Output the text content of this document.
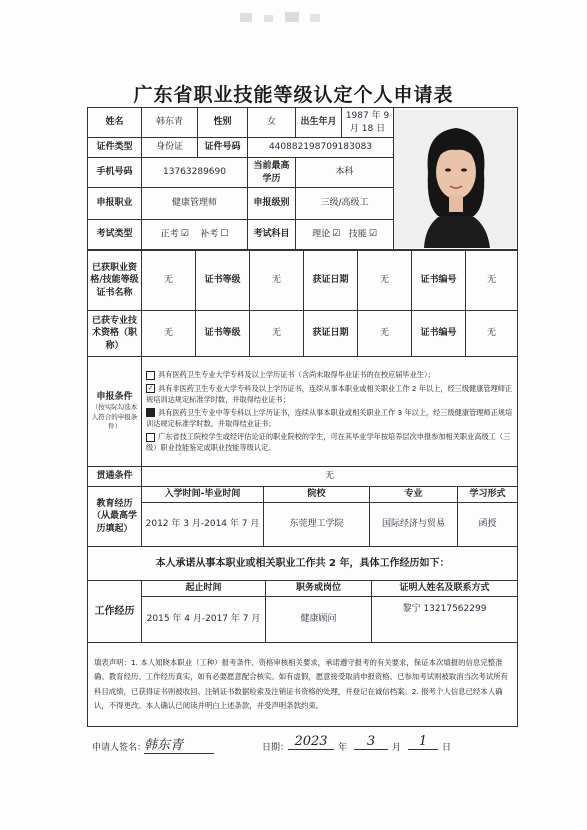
广东省职业技能等级认定个人申请表
姓名	韩东青	性别	女	出生年月	1987 年 9 月 18 日	

证件类型	身份证	证件号码	440882198709183083			
手机号码	13763289690		当前最高学历	本科		
申报职业	健康管理师		申报级别	三级/高级工		
考试类型	正考 ☑ 补考 ☐		考试科目	理论 ☑ 技能 ☑		
已获职业资格/技能等级证书名称	无	证书等级	无	获证日期	无	证书编号	无
已获专业技术资格（职称）	无	证书等级	无	获证日期	无	证书编号	无
申报条件
（按实际勾选本人符合的申报条件）

具有医药卫生专业大学专科及以上学历证书（含尚未取得毕业证书的在校应届毕业生）；
✓ 具有非医药卫生专业大学专科及以上学历证书，连续从事本职业或相关职业工作 2 年以上，经三级健康管理师正规培训达规定标准学时数，并取得结业证书；
具有医药卫生专业中等专科以上学历证书，连续从事本职业或相关职业工作 3 年以上，经三级健康管理师正规培训达规定标准学时数，并取得结业证书；
广东省技工院校学生或经评估论证的职业院校的学生，可在其毕业学年按培养层次申报参加相关职业高级工（三级）职业技能鉴定或职业技能等级认定。
贯通条件	无			
教育经历（从最高学历填起）	入学时间-毕业时间	院校	专业	学习形式
	2012 年 3 月-2014 年 7 月	东莞理工学院	国际经济与贸易	函授
本人承诺从事本职业或相关职业工作共 2 年，具体工作经历如下：			
工作经历	起止时间	职务或岗位	证明人姓名及联系方式
	2015 年 4 月-2017 年 7 月	健康顾问	黎宁 13217562299
填表声明：1. 本人知晓本职业（工种）报考条件、资格审核相关要求，承诺遵守报考的有关要求，保证本次填报的信息完整准确、教育经历、工作经历真实，如有必要愿意配合核实。如有虚假，愿意接受取消申报资格、已参加考试则被取消当次考试所有科目成绩，已获得证书则被收回、注销证书数据检索及注销证书资格的处理，并登记在诚信档案。2. 报考个人信息已经本人确认，不得更改。本人确认已阅读并明白上述条款，并受声明条款约束。			
申请人签名：
韩东青	日期： 2023	年	3	月	1	日
